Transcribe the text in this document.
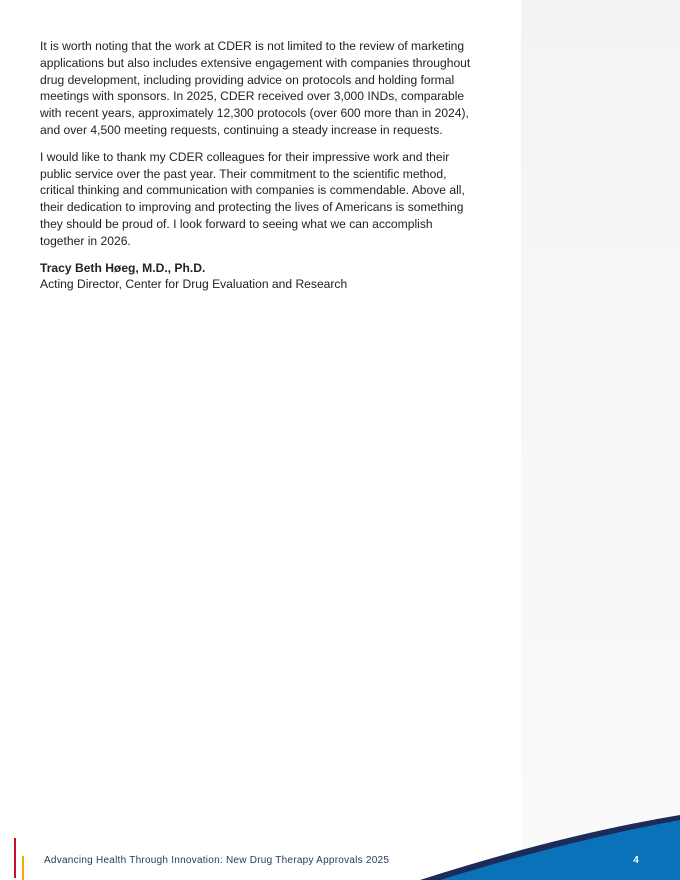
It is worth noting that the work at CDER is not limited to the review of marketing
applications but also includes extensive engagement with companies throughout
drug development, including providing advice on protocols and holding formal
meetings with sponsors. In 2025, CDER received over 3,000 INDs, comparable
with recent years, approximately 12,300 protocols (over 600 more than in 2024),
and over 4,500 meeting requests, continuing a steady increase in requests.

I would like to thank my CDER colleagues for their impressive work and their
public service over the past year. Their commitment to the scientific method,
critical thinking and communication with companies is commendable. Above all,
their dedication to improving and protecting the lives of Americans is something
they should be proud of. I look forward to seeing what we can accomplish
together in 2026.

Tracy Beth Høeg, M.D., Ph.D.
Acting Director, Center for Drug Evaluation and Research
Advancing Health Through Innovation: New Drug Therapy Approvals 2025	4
